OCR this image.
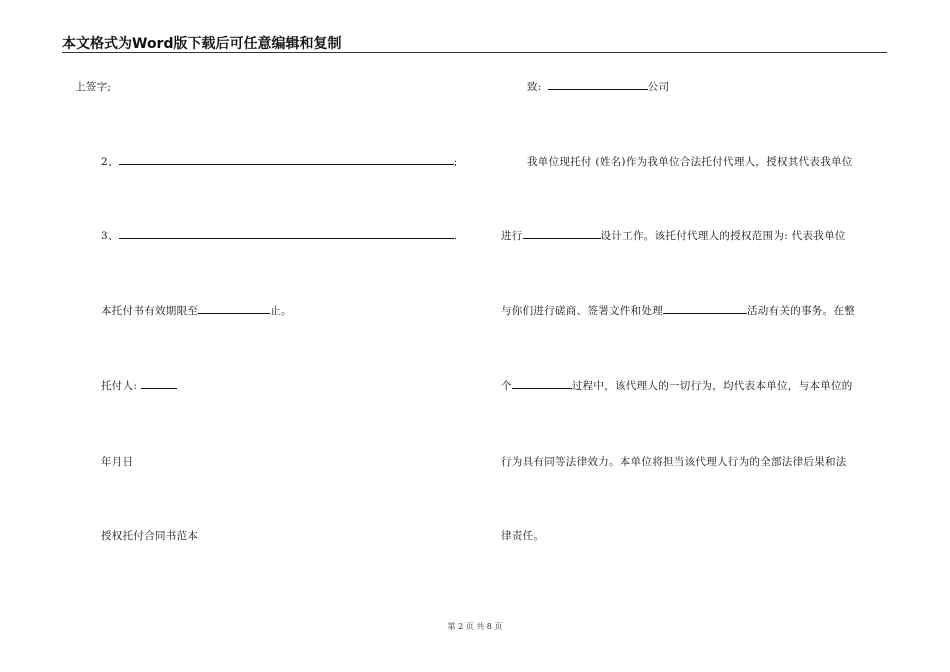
本文格式为Word版下载后可任意编辑和复制
上签字;
2、	;
3、	.
本托付书有效期限至	止。
托付人:
年月日
授权托付合同书范本
致:	公司
我单位现托付 (姓名)作为我单位合法托付代理人，授权其代表我单位
进行	设计工作。该托付代理人的授权范围为: 代表我单位
与你们进行磋商、签署文件和处理	活动有关的事务。在整
个	过程中，该代理人的一切行为，均代表本单位，与本单位的
行为具有同等法律效力。本单位将担当该代理人行为的全部法律后果和法
律责任。
第 2 页 共 8 页
